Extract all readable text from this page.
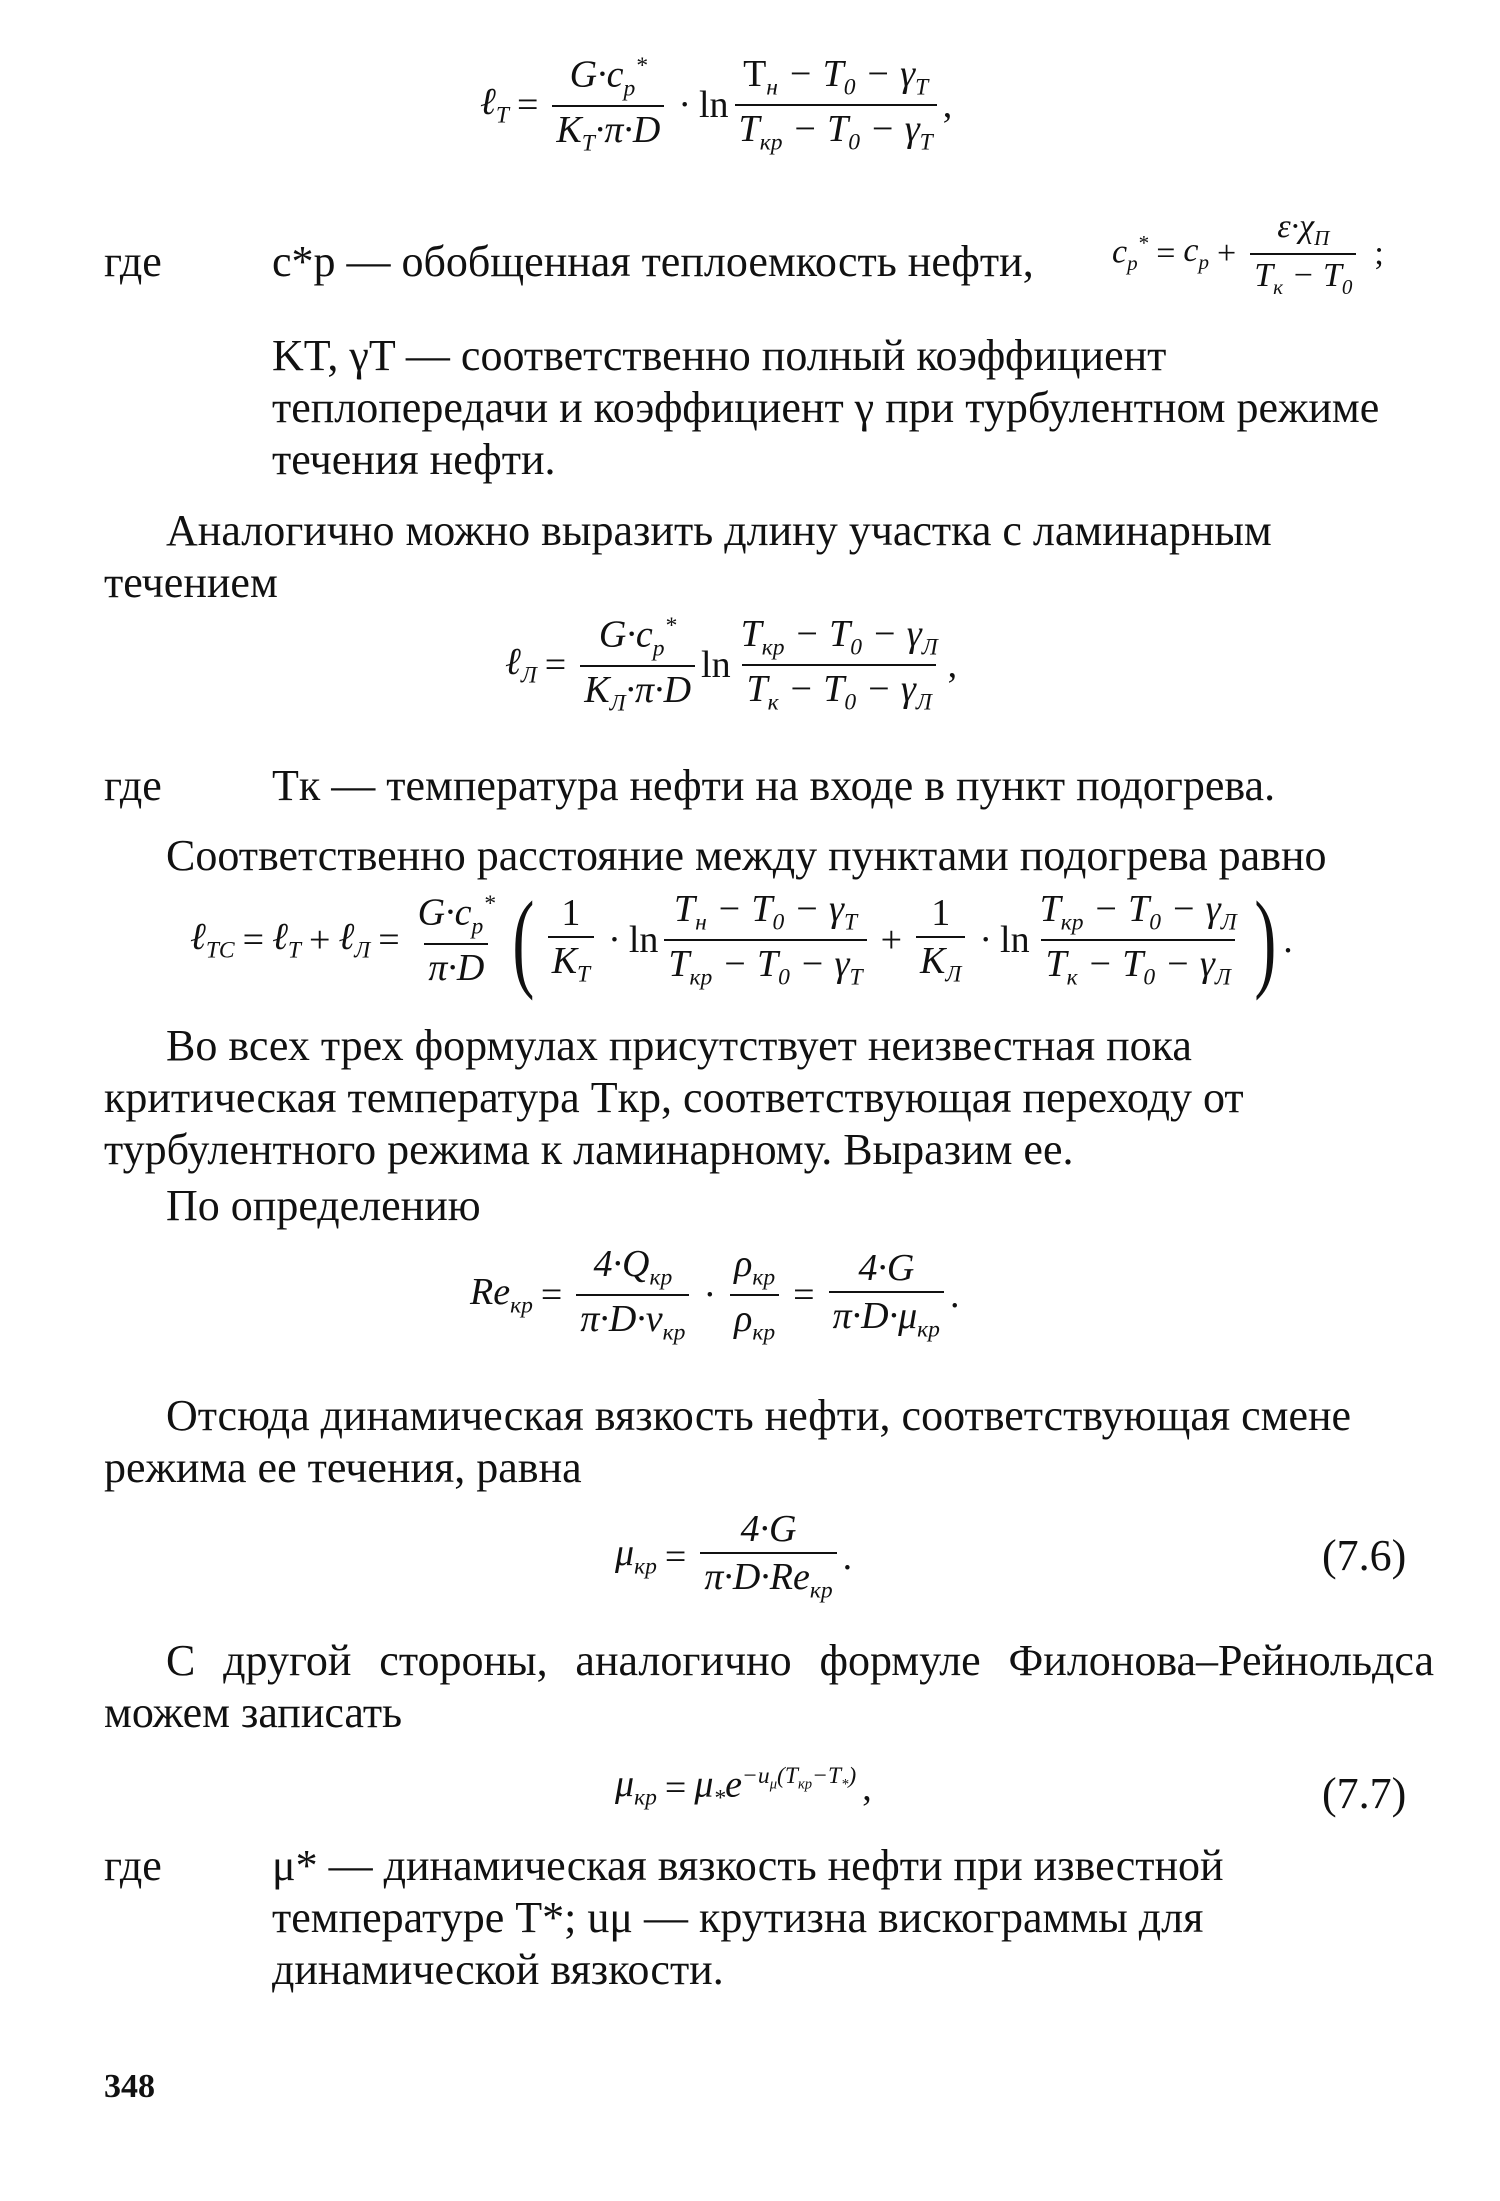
ℓ$_T$ = $\frac{G\cdot c_p^*}{K_T\cdot\pi\cdot D} \cdot \ln \frac{T_н - T_0 - \gamma_T}{T_{кр} - T_0 - \gamma_T}$ ,
где	c*p — обобщенная теплоемкость нефти, $c_p^* = c_p + \frac{\varepsilon\cdot\chi_П}{T_к - T_0}$ ;

KT, γT — соответственно полный коэффициент теплопередачи и коэффициент γ при турбулентном режиме течения нефти.

Аналогично можно выразить длину участка с ламинарным течением

ℓ$_Л$ = $\frac{G\cdot c_p^*}{K_Л\cdot\pi\cdot D}$ $\ln \frac{T_{кр} - T_0 - \gamma_Л}{T_к - T_0 - \gamma_Л}$ ,
где	Tк — температура нефти на входе в пункт подогрева.

Соответственно расстояние между пунктами подогрева равно

ℓ$_{TC}$ = ℓ$_T$ + ℓ$_Л$ = $\frac{G\cdot c_p^*}{\pi\cdot D}$ ( $\frac{1}{K_T} \cdot \ln \frac{T_н - T_0 - \gamma_T}{T_{кр} - T_0 - \gamma_T} + \frac{1}{K_Л} \cdot \ln \frac{T_{кр} - T_0 - \gamma_Л}{T_к - T_0 - \gamma_Л}$ ) .

Во всех трех формулах присутствует неизвестная пока критическая температура Tкр, соответствующая переходу от турбулентного режима к ламинарному. Выразим ее.

По определению

$Re_{кр} = \frac{4\cdot Q_{кр}}{\pi\cdot D\cdot\nu_{кр}} \cdot \frac{\rho_{кр}}{\rho_{кр}} = \frac{4\cdot G}{\pi\cdot D\cdot\mu_{кр}}$ .

Отсюда динамическая вязкость нефти, соответствующая смене режима ее течения, равна

$\mu_{кр} = \frac{4\cdot G}{\pi\cdot D\cdot Re_{кр}}$ .	(7.6)

С другой стороны, аналогично формуле Филонова–Рейнольдса можем записать

$\mu_{кр} = \mu_*e^{-u_\mu(T_{кр}-T_*)}$ ,	(7.7)
где	μ* — динамическая вязкость нефти при известной температуре T*; uμ — крутизна вискограммы для динамической вязкости.

348
